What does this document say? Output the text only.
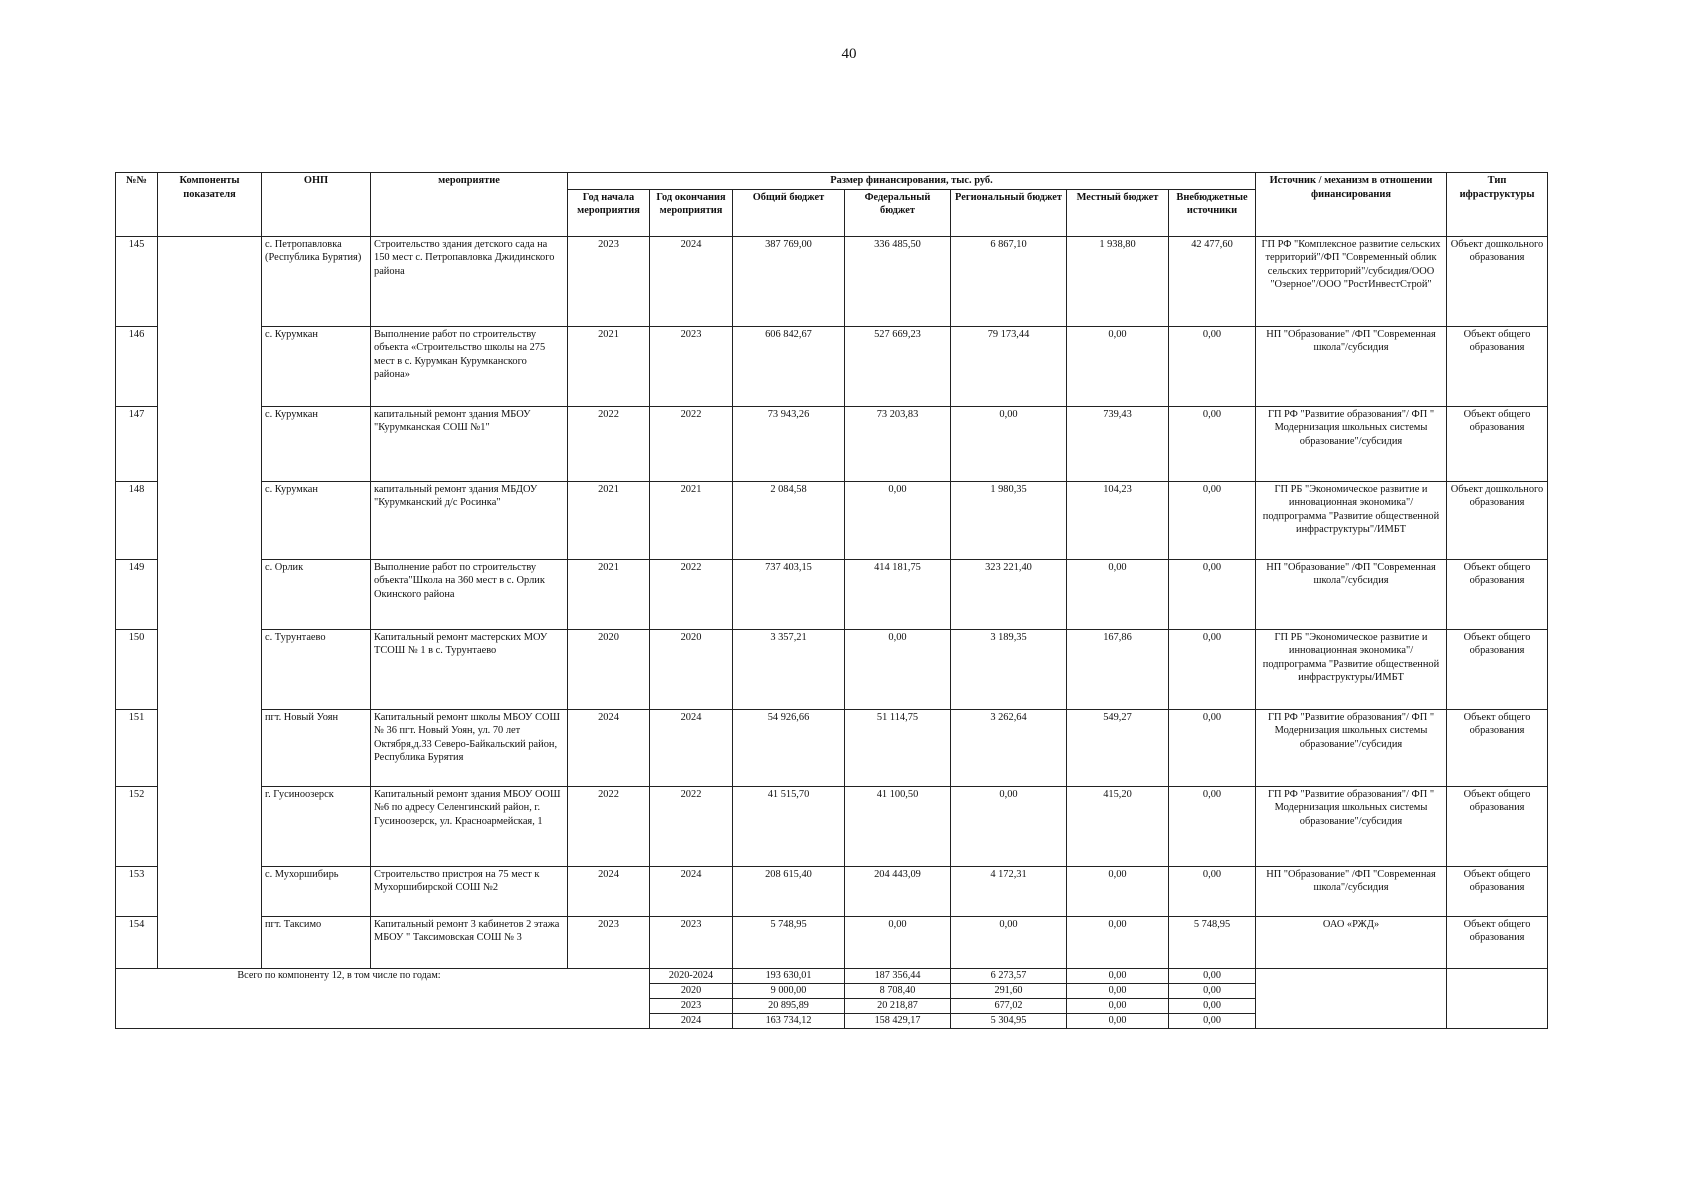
40
№№	Компоненты показателя	ОНП	мероприятие	Размер финансирования, тыс. руб.							Источник / механизм в отношении финансирования	Тип ифраструктуры
				Год начала мероприятия	Год окончания мероприятия	Общий бюджет	Федеральный бюджет	Региональный бюджет	Местный бюджет	Внебюджетные источники		
145		с. Петропавловка (Республика Бурятия)	Строительство здания детского сада на 150 мест с. Петропавловка Джидинского района	2023	2024	387 769,00	336 485,50	6 867,10	1 938,80	42 477,60	ГП РФ "Комплексное развитие сельских территорий"/ФП "Современный облик сельских территорий"/субсидия/ООО "Озерное"/ООО "РостИнвестСтрой"	Объект дошкольного образования
146		с. Курумкан	Выполнение работ по строительству объекта «Строительство школы на 275 мест в с. Курумкан Курумканского района»	2021	2023	606 842,67	527 669,23	79 173,44	0,00	0,00	НП "Образование" /ФП "Современная школа"/субсидия	Объект общего образования
147		с. Курумкан	капитальный ремонт здания МБОУ "Курумканская СОШ №1"	2022	2022	73 943,26	73 203,83	0,00	739,43	0,00	ГП РФ "Развитие образования"/ ФП " Модернизация школьных системы образование"/субсидия	Объект общего образования
148		с. Курумкан	капитальный ремонт здания МБДОУ "Курумканский д/с Росинка"	2021	2021	2 084,58	0,00	1 980,35	104,23	0,00	ГП РБ "Экономическое развитие и инновационная экономика"/подпрограмма "Развитие общественной инфраструктуры"/ИМБТ	Объект дошкольного образования
149		с. Орлик	Выполнение работ по строительству объекта"Школа на 360 мест в с. Орлик Окинского района	2021	2022	737 403,15	414 181,75	323 221,40	0,00	0,00	НП "Образование" /ФП "Современная школа"/субсидия	Объект общего образования
150		с. Турунтаево	Капитальный ремонт мастерских МОУ ТСОШ № 1 в с. Турунтаево	2020	2020	3 357,21	0,00	3 189,35	167,86	0,00	ГП РБ "Экономическое развитие и инновационная экономика"/подпрограмма "Развитие общественной инфраструктуры/ИМБТ	Объект общего образования
151		пгт. Новый Уоян	Капитальный ремонт школы МБОУ СОШ № 36 пгт. Новый Уоян, ул. 70 лет Октября,д.33 Северо-Байкальский район, Республика Бурятия	2024	2024	54 926,66	51 114,75	3 262,64	549,27	0,00	ГП РФ "Развитие образования"/ ФП " Модернизация школьных системы образование"/субсидия	Объект общего образования
152		г. Гусиноозерск	Капитальный ремонт здания МБОУ ООШ №6 по адресу Селенгинский район, г. Гусиноозерск, ул. Красноармейская, 1	2022	2022	41 515,70	41 100,50	0,00	415,20	0,00	ГП РФ "Развитие образования"/ ФП " Модернизация школьных системы образование"/субсидия	Объект общего образования
153		с. Мухоршибирь	Строительство пристроя на 75 мест к Мухоршибирской СОШ №2	2024	2024	208 615,40	204 443,09	4 172,31	0,00	0,00	НП "Образование" /ФП "Современная школа"/субсидия	Объект общего образования
154		пгт. Таксимо	Капитальный ремонт 3 кабинетов 2 этажа МБОУ " Таксимовская СОШ № 3	2023	2023	5 748,95	0,00	0,00	0,00	5 748,95	ОАО «РЖД»	Объект общего образования
Всего по компоненту 12, в том числе по годам:					2020-2024	193 630,01	187 356,44	6 273,57	0,00	0,00		
					2020	9 000,00	8 708,40	291,60	0,00	0,00		
					2023	20 895,89	20 218,87	677,02	0,00	0,00		
					2024	163 734,12	158 429,17	5 304,95	0,00	0,00		
